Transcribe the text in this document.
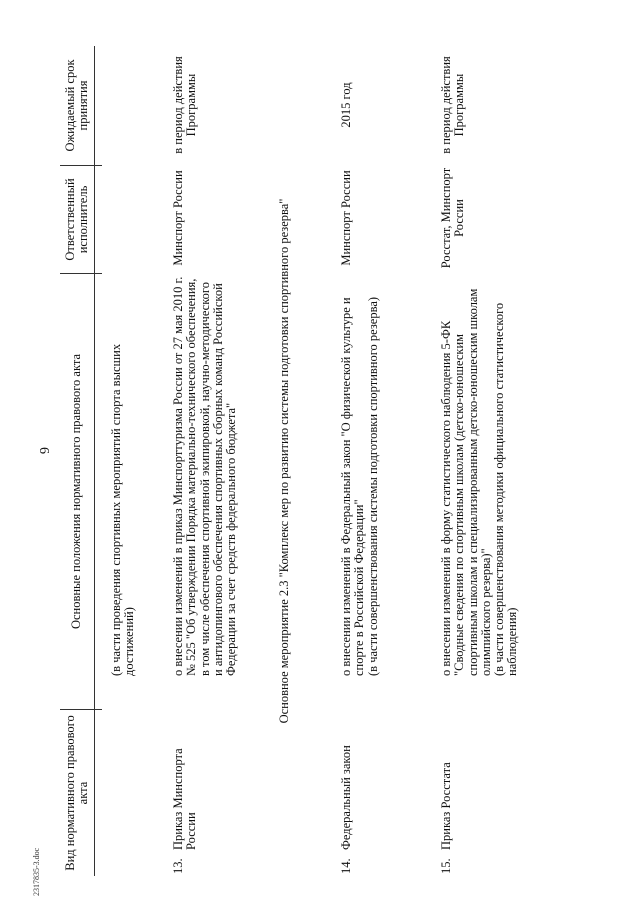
6
Вид нормативного правового акта
Основные положения нормативного правового акта
Ответственный исполнитель
Ожидаемый срок принятия
(в части проведения спортивных мероприятий спорта высших достижений)
13.
Приказ Минспорта России
о внесении изменений в приказ Минспорттуризма России от 27 мая 2010 г. № 525 "Об утверждении Порядка материально-технического обеспечения, в том числе обеспечения спортивной экипировкой, научно-методического и антидопингового обеспечения спортивных сборных команд Российской Федерации за счет средств федерального бюджета"
Минспорт России
в период действия Программы
Основное мероприятие 2.3 "Комплекс мер по развитию системы подготовки спортивного резерва"
14.
Федеральный закон
о внесении изменений в Федеральный закон "О физической культуре и спорте в Российской Федерации"
(в части совершенствования системы подготовки спортивного резерва)
Минспорт России
2015 год
15.
Приказ Росстата
о внесении изменений в форму статистического наблюдения 5-ФК "Сводные сведения по спортивным школам (детско-юношеским спортивным школам и специализированным детско-юношеским школам олимпийского резерва)"
(в части совершенствования методики официального статистического наблюдения)
Росстат, Минспорт России
в период действия Программы
2317835-3.doc
